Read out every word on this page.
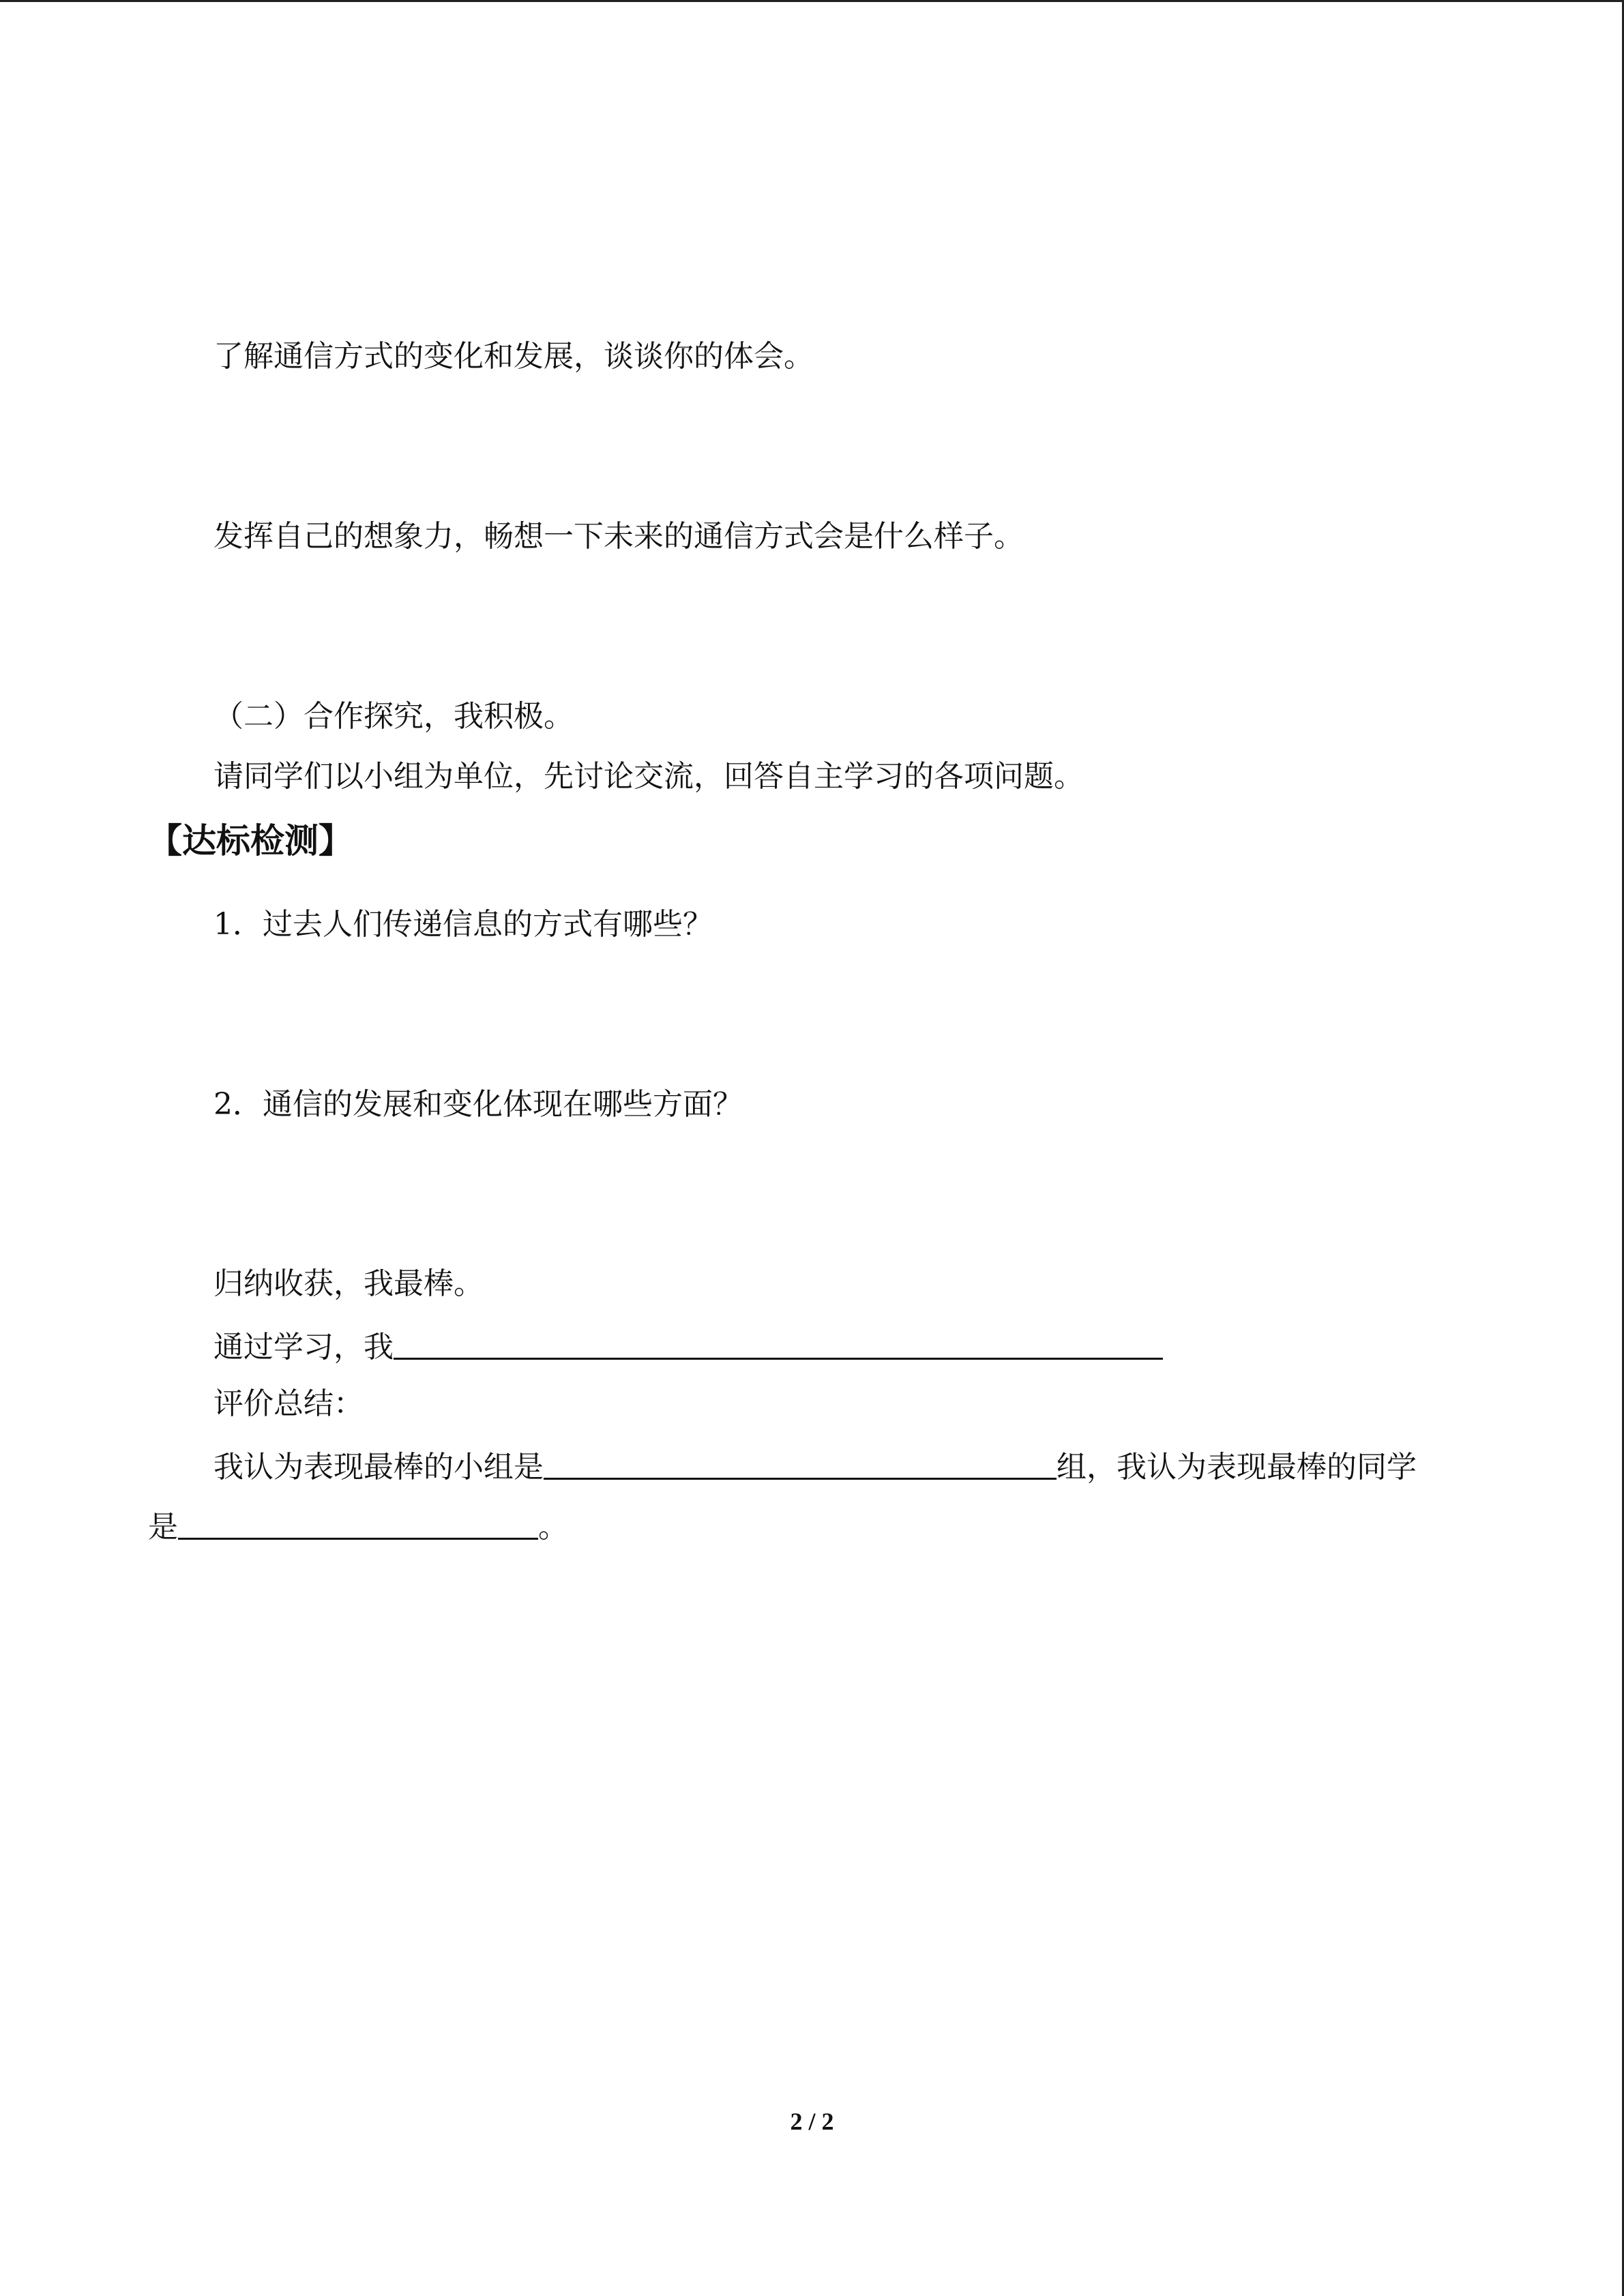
了解通信方式的变化和发展，谈谈你的体会。
发挥自己的想象力，畅想一下未来的通信方式会是什么样子。
（二）合作探究，我积极。
请同学们以小组为单位，先讨论交流，回答自主学习的各项问题。
【达标检测】
1．过去人们传递信息的方式有哪些？
2．通信的发展和变化体现在哪些方面？
归纳收获，我最棒。
通过学习，我
评价总结：
我认为表现最棒的小组是	组，我认为表现最棒的同学
是	。
2 / 2
